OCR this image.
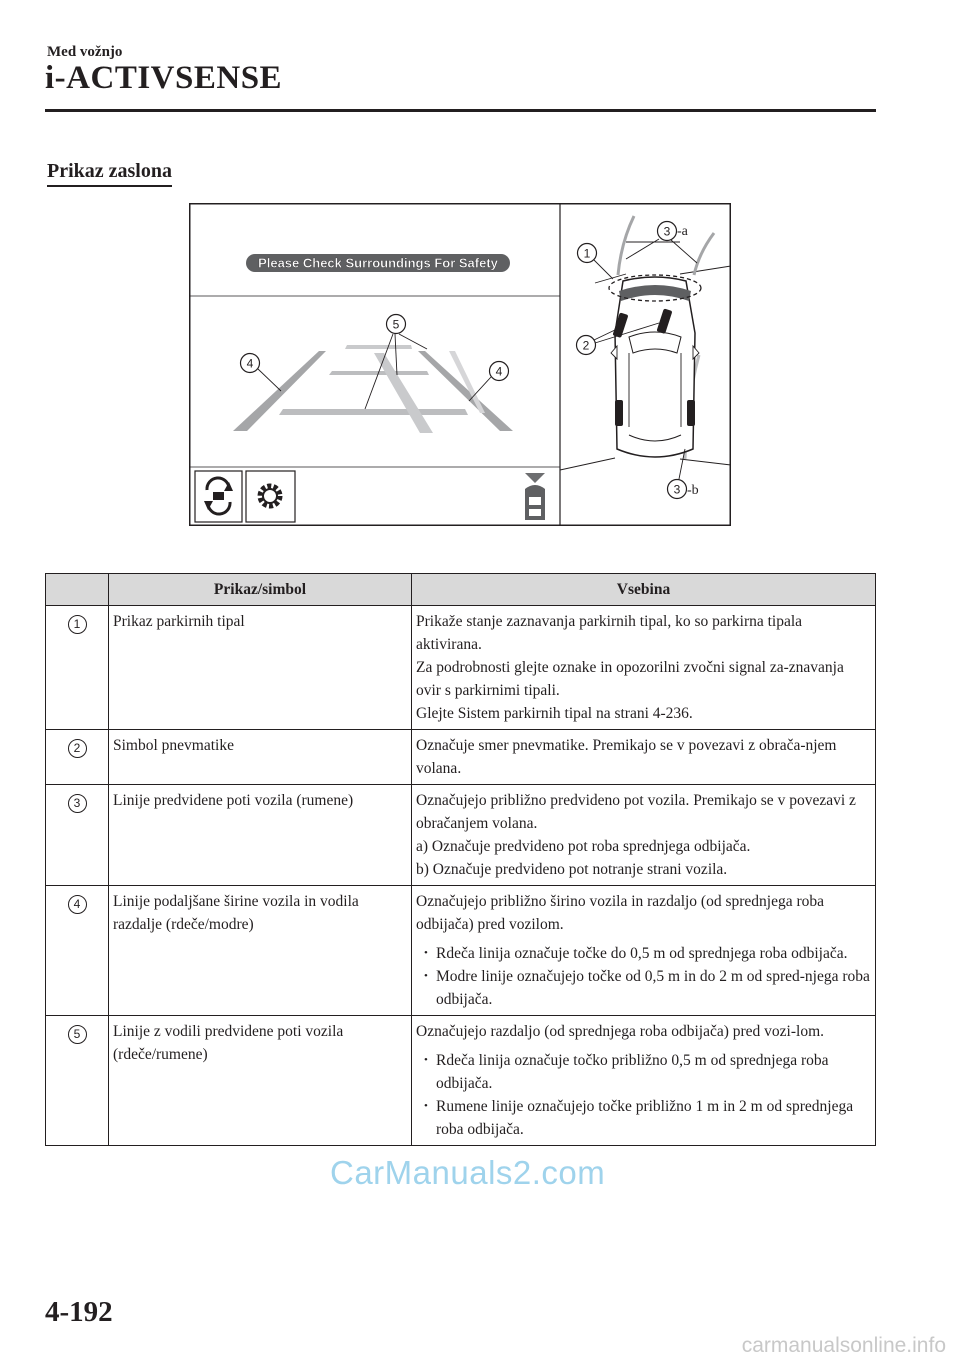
Med vožnjo
i-ACTIVSENSE
Prikaz zaslona
Please Check Surroundings For Safety
4
4
5
1
2
3 -a
3 -b
	Prikaz/simbol	Vsebina
1	Prikaz parkirnih tipal	Prikaže stanje zaznavanja parkirnih tipal, ko so parkirna tipala aktivirana.

Za podrobnosti glejte oznake in opozorilni zvočni signal za-znavanja ovir s parkirnimi tipali.

Glejte Sistem parkirnih tipal na strani 4-236.

2	Simbol pnevmatike	Označuje smer pnevmatike. Premikajo se v povezavi z obrača-njem volana.

3	Linije predvidene poti vozila (rumene)	Označujejo približno predvideno pot vozila. Premikajo se v povezavi z obračanjem volana.

a) Označuje predvideno pot roba sprednjega odbijača.

b) Označuje predvideno pot notranje strani vozila.

4	Linije podaljšane širine vozila in vodila razdalje (rdeče/modre)	Označujejo približno širino vozila in razdaljo (od sprednjega roba odbijača) pred vozilom.

• Rdeča linija označuje točke do 0,5 m od sprednjega roba odbijača.
• Modre linije označujejo točke od 0,5 m in do 2 m od spred-njega roba odbijača.

5	Linije z vodili predvidene poti vozila (rdeče/rumene)	Označujejo razdaljo (od sprednjega roba odbijača) pred vozi-lom.

• Rdeča linija označuje točko približno 0,5 m od sprednjega roba odbijača.
• Rumene linije označujejo točke približno 1 m in 2 m od sprednjega roba odbijača.
CarManuals2.com
4-192
carmanualsonline.info
